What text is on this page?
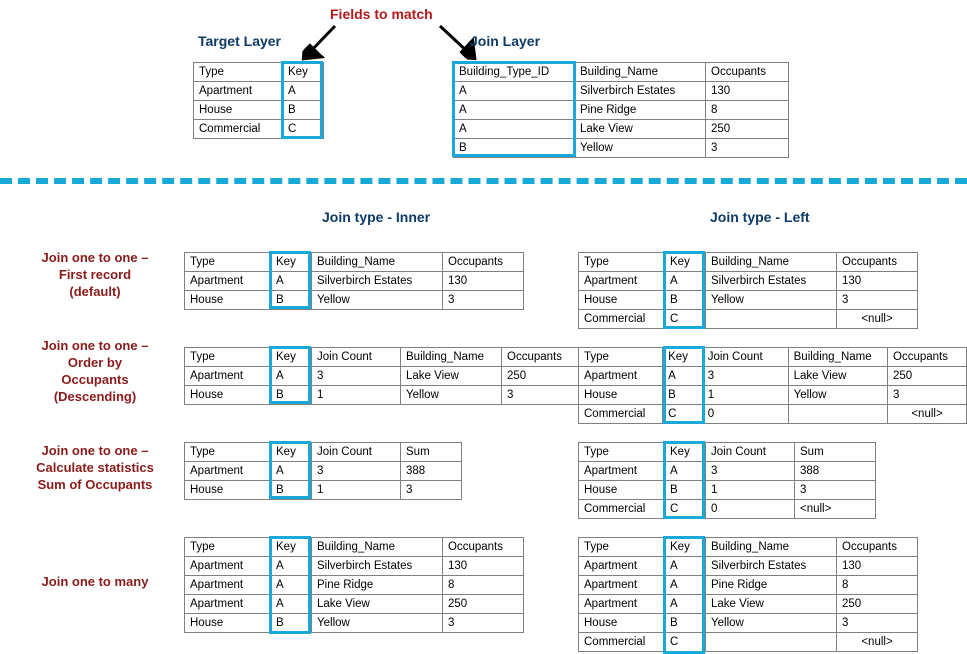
Fields to match
Target Layer	Join Layer
Type	Key
Apartment	A
House	B
Commercial	C
Building_Type_ID	Building_Name	Occupants
A	Silverbirch Estates	130
A	Pine Ridge	8
A	Lake View	250
B	Yellow	3
Join type - Inner	Join type - Left
Join one to one –
First record
(default)
Type	Key	Building_Name	Occupants
Apartment	A	Silverbirch Estates	130
House	B	Yellow	3
Type	Key	Building_Name	Occupants
Apartment	A	Silverbirch Estates	130
House	B	Yellow	3
Commercial	C		<null>
Join one to one –
Order by
Occupants
(Descending)
Type	Key	Join Count	Building_Name	Occupants
Apartment	A	3	Lake View	250
House	B	1	Yellow	3
Type	Key	Join Count	Building_Name	Occupants
Apartment	A	3	Lake View	250
House	B	1	Yellow	3
Commercial	C	0		<null>
Join one to one –
Calculate statistics
Sum of Occupants
Type	Key	Join Count	Sum
Apartment	A	3	388
House	B	1	3
Type	Key	Join Count	Sum
Apartment	A	3	388
House	B	1	3
Commercial	C	0	<null>
Join one to many
Type	Key	Building_Name	Occupants
Apartment	A	Silverbirch Estates	130
Apartment	A	Pine Ridge	8
Apartment	A	Lake View	250
House	B	Yellow	3
Type	Key	Building_Name	Occupants
Apartment	A	Silverbirch Estates	130
Apartment	A	Pine Ridge	8
Apartment	A	Lake View	250
House	B	Yellow	3
Commercial	C		<null>
